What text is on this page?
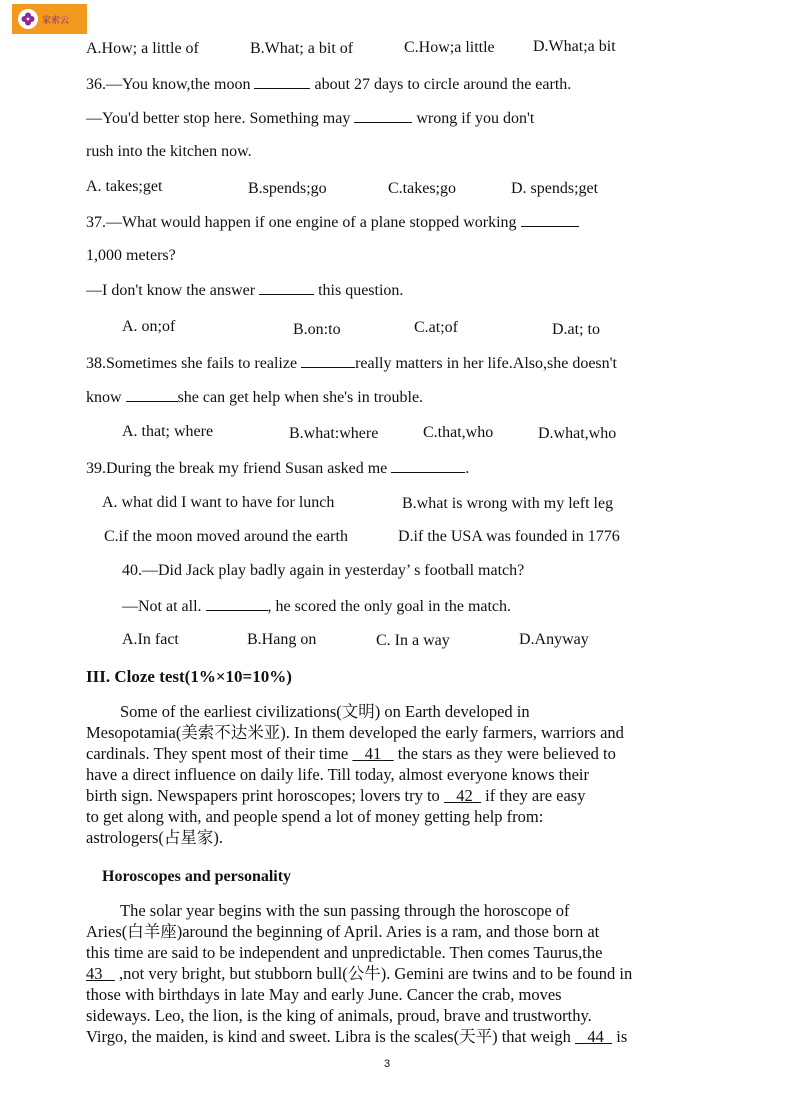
家索云
A.How; a little of	B.What; a bit of	C.How;a little D.What;a bit
36.—You know,the moon	about 27 days to circle around the earth.
—You'd better stop here. Something may	wrong if you don't
rush into the kitchen now.
A. takes;get	B.spends;go	C.takes;go	D. spends;get
37.—What would happen if one engine of a plane stopped working
1,000 meters?
—I don't know the answer	this question.
A. on;of	B.on:to	C.at;of	D.at; to
38.Sometimes she fails to realize	really matters in her life.Also,she doesn't
know	she can get help when she's in trouble.
A. that; where	B.what:where	C.that,who	D.what,who
39.During the break my friend Susan asked me	.
A. what did I want to have for lunch	B.what is wrong with my left leg
C.if the moon moved around the earth	D.if the USA was founded in 1776
40.—Did Jack play badly again in yesterday’ s football match?
—Not at all.	, he scored the only goal in the match.
A.In fact	B.Hang on	C. In a way	D.Anyway
III. Cloze test(1%×10=10%)
Some of the earliest civilizations(文明) on Earth developed in
Mesopotamia(美索不达米亚). In them developed the early farmers, warriors and
cardinals. They spent most of their time 41 the stars as they were believed to
have a direct influence on daily life. Till today, almost everyone knows their
birth sign. Newspapers print horoscopes; lovers try to 42 if they are easy
to get along with, and people spend a lot of money getting help from:
astrologers(占星家).
Horoscopes and personality
The solar year begins with the sun passing through the horoscope of
Aries(白羊座)around the beginning of April. Aries is a ram, and those born at
this time are said to be independent and unpredictable. Then comes Taurus,the
43 ,not very bright, but stubborn bull(公牛). Gemini are twins and to be found in
those with birthdays in late May and early June. Cancer the crab, moves
sideways. Leo, the lion, is the king of animals, proud, brave and trustworthy.
Virgo, the maiden, is kind and sweet. Libra is the scales(天平) that weigh 44 is
3
